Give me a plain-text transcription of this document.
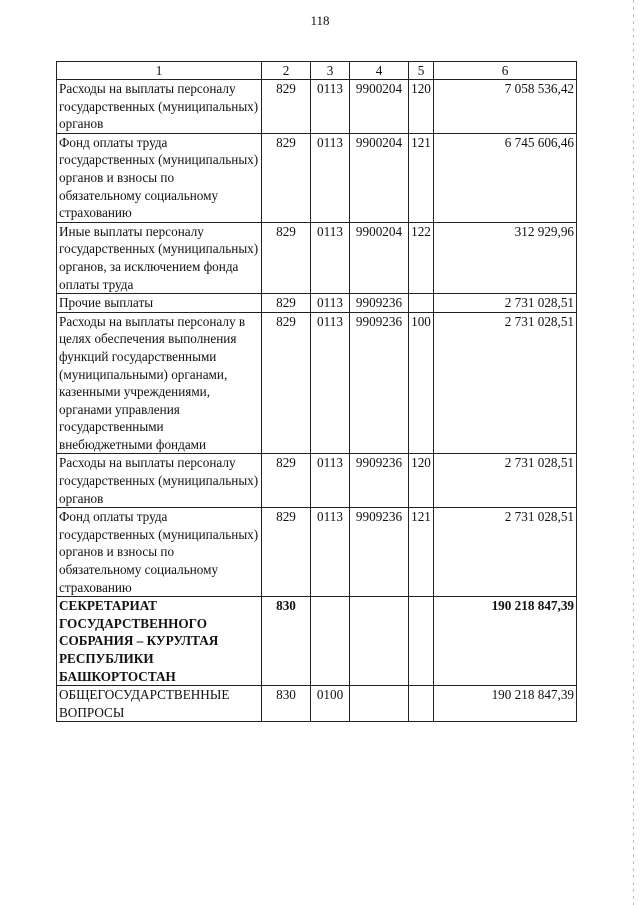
118
1	2	3	4	5	6
Расходы на выплаты персоналу государственных (муниципальных) органов	829	0113	9900204	120	7 058 536,42
Фонд оплаты труда государственных (муниципальных) органов и взносы по обязательному социальному страхованию	829	0113	9900204	121	6 745 606,46
Иные выплаты персоналу государственных (муниципальных) органов, за исключением фонда оплаты труда	829	0113	9900204	122	312 929,96
Прочие выплаты	829	0113	9909236		2 731 028,51
Расходы на выплаты персоналу в целях обеспечения выполнения функций государственными (муниципальными) органами, казенными учреждениями, органами управления государственными внебюджетными фондами	829	0113	9909236	100	2 731 028,51
Расходы на выплаты персоналу государственных (муниципальных) органов	829	0113	9909236	120	2 731 028,51
Фонд оплаты труда государственных (муниципальных) органов и взносы по обязательному социальному страхованию	829	0113	9909236	121	2 731 028,51
СЕКРЕТАРИАТ ГОСУДАРСТВЕННОГО СОБРАНИЯ – КУРУЛТАЯ РЕСПУБЛИКИ БАШКОРТОСТАН	830				190 218 847,39
ОБЩЕГОСУДАРСТВЕННЫЕ ВОПРОСЫ	830	0100			190 218 847,39
